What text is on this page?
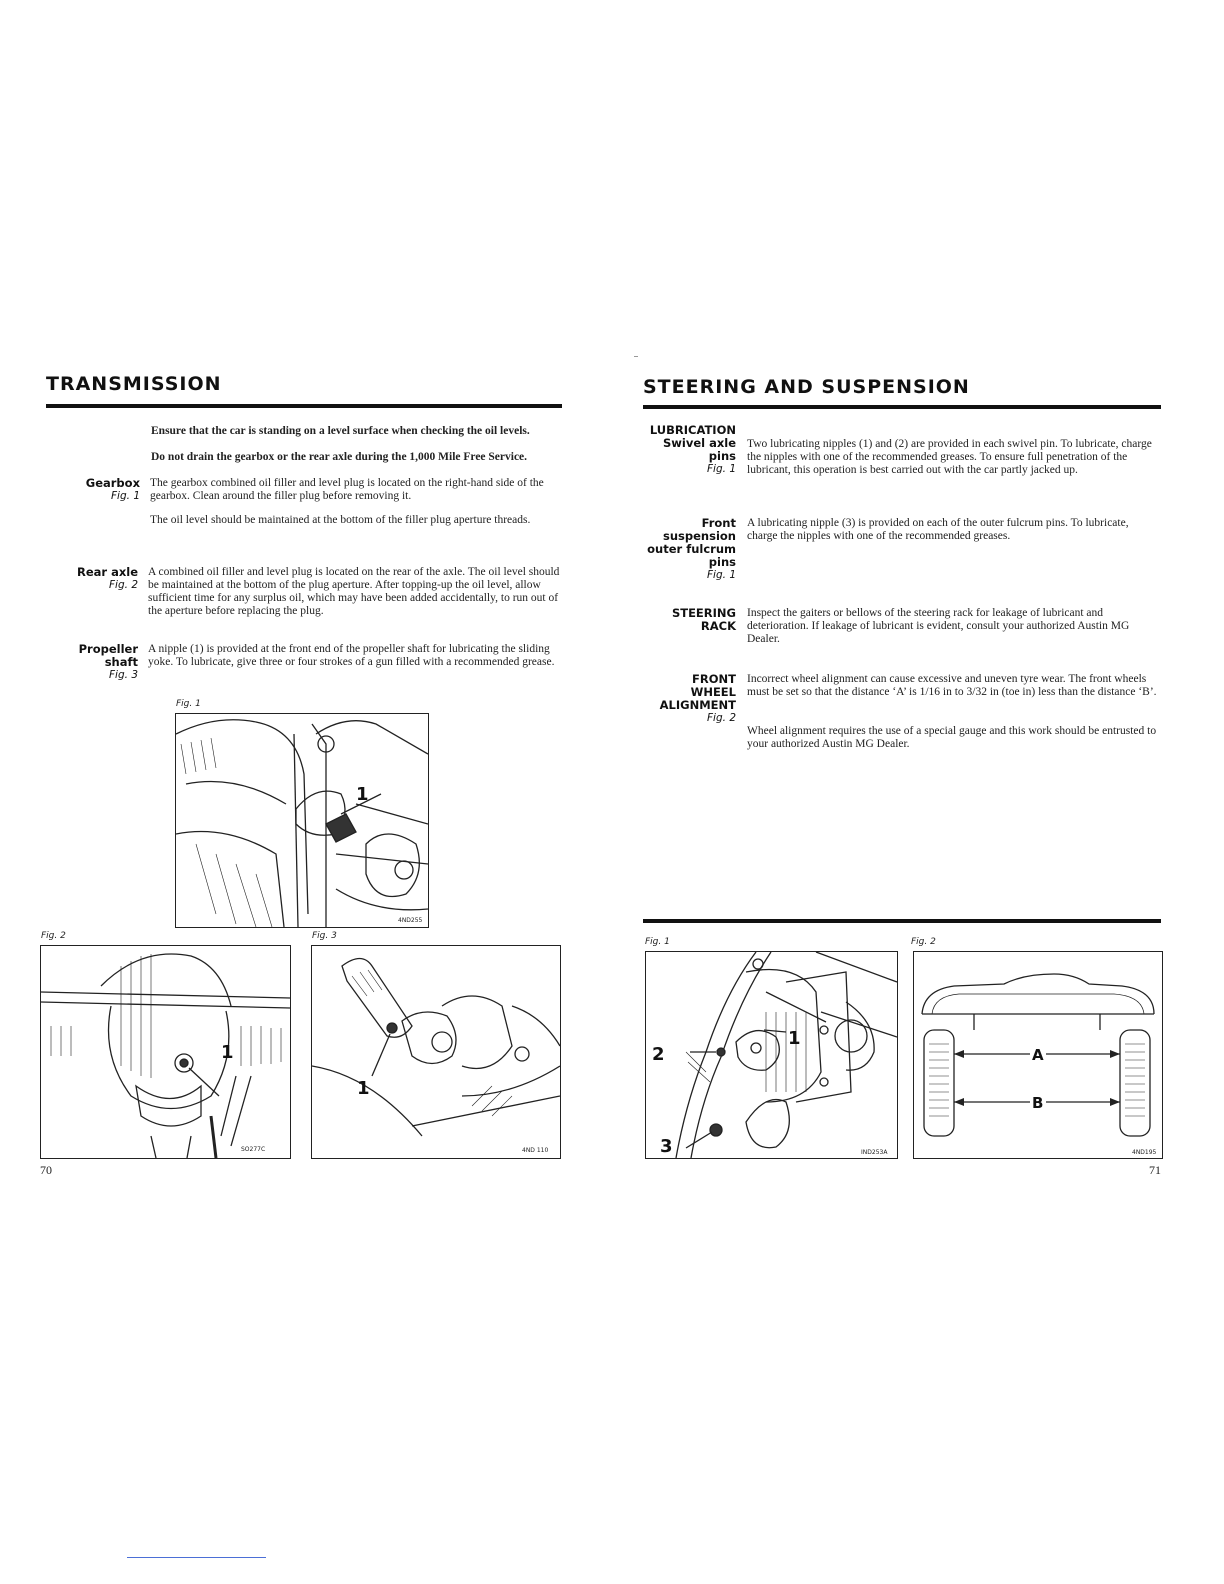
TRANSMISSION
Ensure that the car is standing on a level surface when checking the oil levels.
Do not drain the gearbox or the rear axle during the 1,000 Mile Free Service.
Gearbox
Fig. 1
The gearbox combined oil filler and level plug is located on the right-hand side of the gearbox. Clean around the filler plug before removing it.
The oil level should be maintained at the bottom of the filler plug aperture threads.
Rear axle
Fig. 2
A combined oil filler and level plug is located on the rear of the axle. The oil level should be maintained at the bottom of the plug aperture. After topping-up the oil level, allow sufficient time for any surplus oil, which may have been added accidentally, to run out of the aperture before replacing the plug.
Propeller
shaft
Fig. 3
A nipple (1) is provided at the front end of the propeller shaft for lubricating the sliding yoke. To lubricate, give three or four strokes of a gun filled with a recommended grease.
Fig. 1
1
4ND255
Fig. 2
1
SO277C
Fig. 3
1
4ND 110
70
STEERING AND SUSPENSION
LUBRICATION
Swivel axle
pins
Fig. 1
Two lubricating nipples (1) and (2) are provided in each swivel pin. To lubricate, charge the nipples with one of the recommended greases. To ensure full penetration of the lubricant, this operation is best carried out with the car partly jacked up.
Front
suspension
outer fulcrum
pins
Fig. 1
A lubricating nipple (3) is provided on each of the outer fulcrum pins. To lubricate, charge the nipples with one of the recommended greases.
STEERING
RACK
Inspect the gaiters or bellows of the steering rack for leakage of lubricant and deterioration. If leakage of lubricant is evident, consult your authorized Austin MG Dealer.
FRONT WHEEL
ALIGNMENT
Fig. 2
Incorrect wheel alignment can cause excessive and uneven tyre wear. The front wheels must be set so that the distance ‘A’ is 1/16 in to 3/32 in (toe in) less than the distance ‘B’.
Wheel alignment requires the use of a special gauge and this work should be entrusted to your authorized Austin MG Dealer.
Fig. 1
1
2
3	IND253A
Fig. 2
A
B
4ND195
71
